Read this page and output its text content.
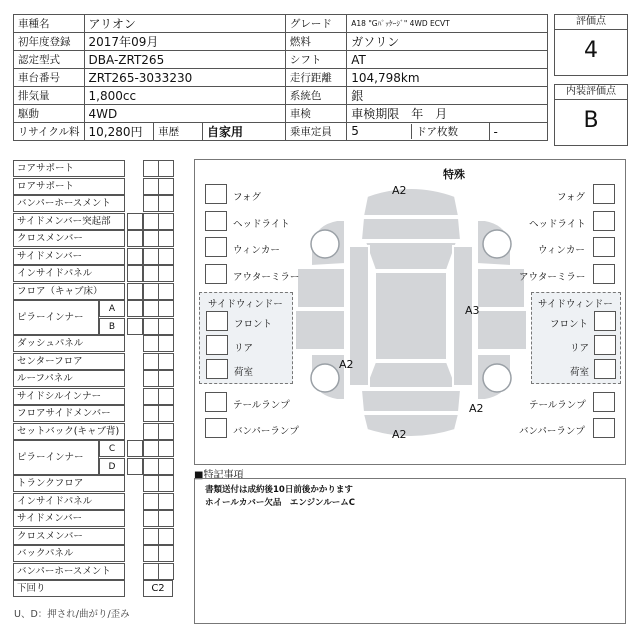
車種名	アリオン			グレード	A18 "Gﾊﾟｯｹｰｼﾞ" 4WD ECVT	
初年度登録	2017年09月			燃料	ガソリン	
認定型式	DBA-ZRT265			シフト	AT	
車台番号	ZRT265-3033230			走行距離	104,798km	
排気量	1,800cc			系統色	銀	
駆動	4WD			車検	車検期限　年　月	
リサイクル料	10,280円	車歴	自家用	乗車定員	5 ドア枚数	-
評価点
4
内装評価点
B
コアサポート
ロアサポート
バンパーホースメント
サイドメンバー突起部
クロスメンバー
サイドメンバー
インサイドパネル
フロア（キャブ床）
ピラーインナー
A
B
ダッシュパネル
センターフロア
ルーフパネル
サイドシルインナー
フロアサイドメンバー
セットバック(キャブ背)
ピラーインナー
C
D
トランクフロア
インサイドパネル
サイドメンバー
クロスメンバー
バックパネル
バンパーホースメント
下回り	C2
U、D：押され/曲がり/歪み
特殊
A2
A3
A2
A2
A2
フォグ
ヘッドライト
ウィンカー
アウターミラー
フォグ
ヘッドライト
ウィンカー
アウターミラー
サイドウィンドー
フロント
リア
荷室
サイドウィンドー
フロント
リア
荷室
テールランプ
バンパーランプ
テールランプ
バンパーランプ
■特記事項
書類送付は成約後10日前後かかります
ホイールカバー欠品　エンジンルームC
